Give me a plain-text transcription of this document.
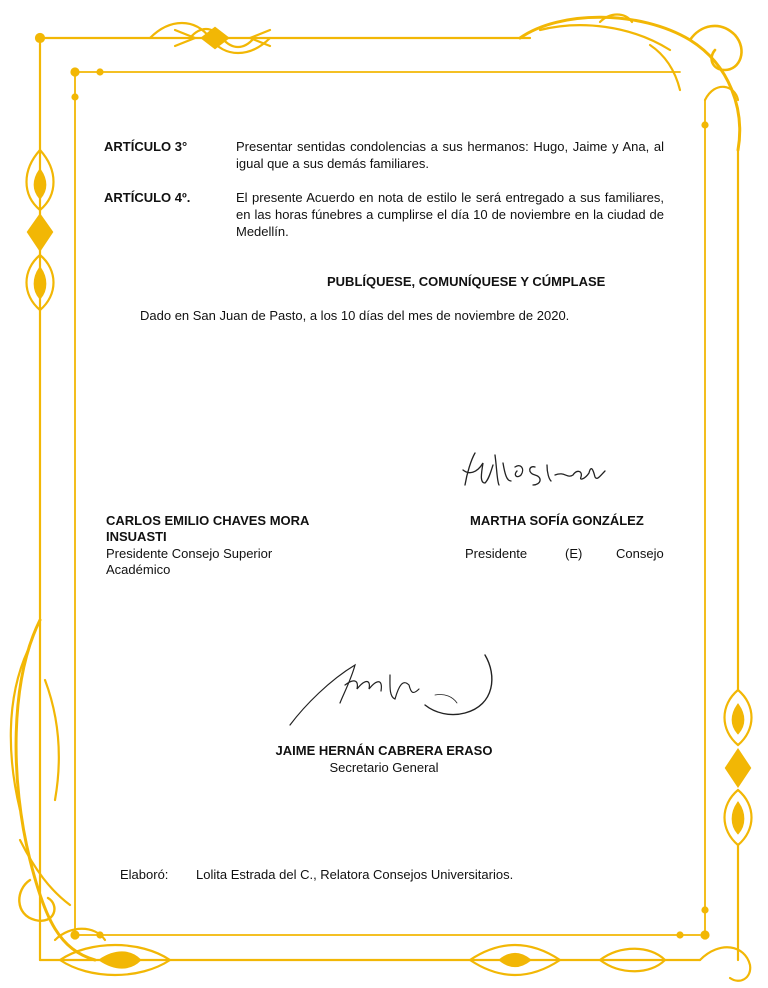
ARTÍCULO 3°	Presentar sentidas condolencias a sus hermanos: Hugo, Jaime y Ana, al igual que a sus demás familiares.
ARTÍCULO 4º.	El presente Acuerdo en nota de estilo le será entregado a sus familiares, en las horas fúnebres a cumplirse el día 10 de noviembre en la ciudad de Medellín.
PUBLÍQUESE, COMUNÍQUESE Y CÚMPLASE
Dado en San Juan de Pasto, a los 10 días del mes de noviembre de 2020.
CARLOS EMILIO CHAVES MORA
INSUASTI
Presidente Consejo Superior
Académico
MARTHA SOFÍA GONZÁLEZ
Presidente	(E)	Consejo
JAIME HERNÁN CABRERA ERASO
Secretario General
Elaboró: Lolita Estrada del C., Relatora Consejos Universitarios.
